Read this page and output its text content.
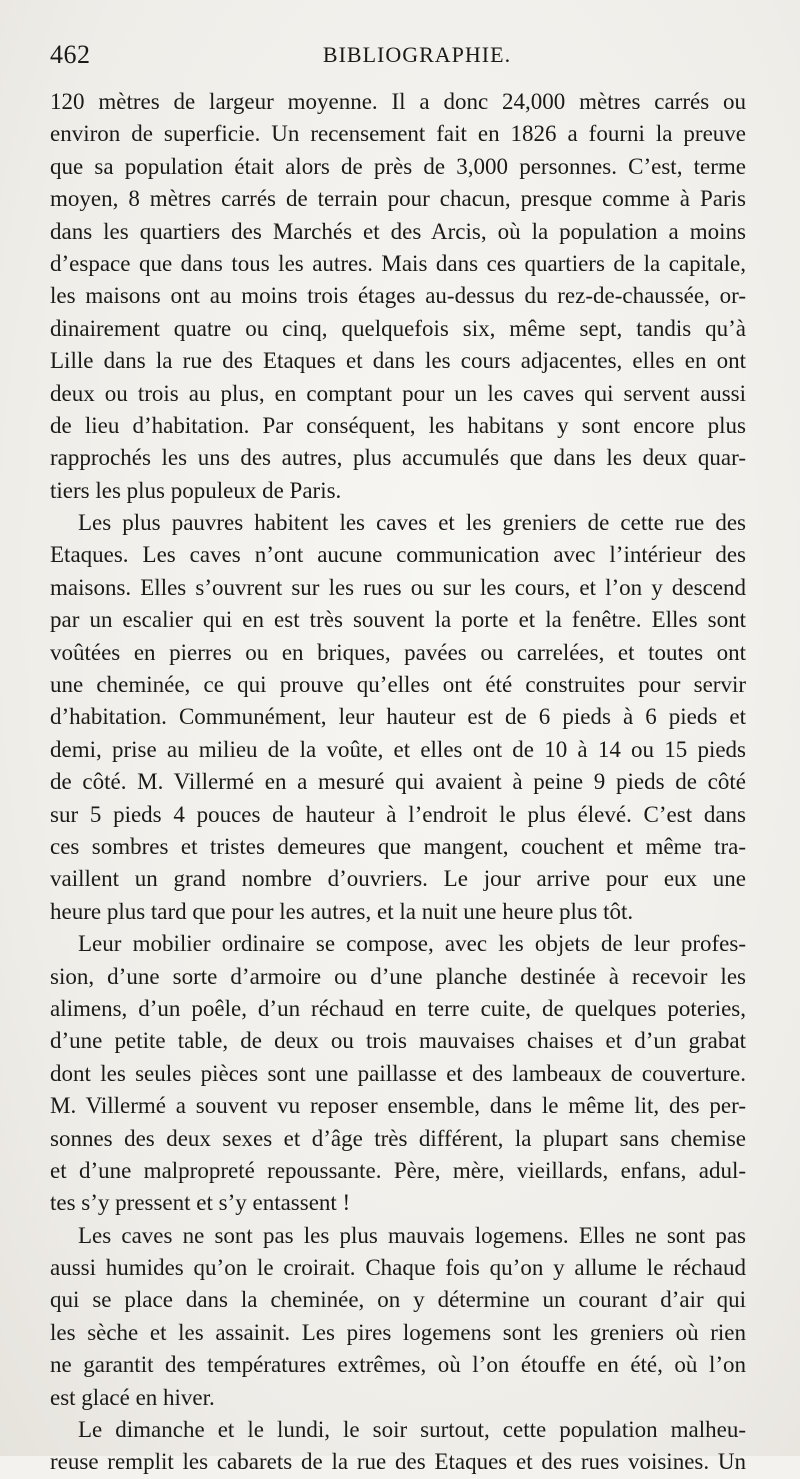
462	BIBLIOGRAPHIE.
120 mètres de largeur moyenne. Il a donc 24,000 mètres carrés ou
environ de superficie. Un recensement fait en 1826 a fourni la preuve
que sa population était alors de près de 3,000 personnes. C’est, terme
moyen, 8 mètres carrés de terrain pour chacun, presque comme à Paris
dans les quartiers des Marchés et des Arcis, où la population a moins
d’espace que dans tous les autres. Mais dans ces quartiers de la capitale,
les maisons ont au moins trois étages au-dessus du rez-de-chaussée, or-
dinairement quatre ou cinq, quelquefois six, même sept, tandis qu’à
Lille dans la rue des Etaques et dans les cours adjacentes, elles en ont
deux ou trois au plus, en comptant pour un les caves qui servent aussi
de lieu d’habitation. Par conséquent, les habitans y sont encore plus
rapprochés les uns des autres, plus accumulés que dans les deux quar-
tiers les plus populeux de Paris.
Les plus pauvres habitent les caves et les greniers de cette rue des
Etaques. Les caves n’ont aucune communication avec l’intérieur des
maisons. Elles s’ouvrent sur les rues ou sur les cours, et l’on y descend
par un escalier qui en est très souvent la porte et la fenêtre. Elles sont
voûtées en pierres ou en briques, pavées ou carrelées, et toutes ont
une cheminée, ce qui prouve qu’elles ont été construites pour servir
d’habitation. Communément, leur hauteur est de 6 pieds à 6 pieds et
demi, prise au milieu de la voûte, et elles ont de 10 à 14 ou 15 pieds
de côté. M. Villermé en a mesuré qui avaient à peine 9 pieds de côté
sur 5 pieds 4 pouces de hauteur à l’endroit le plus élevé. C’est dans
ces sombres et tristes demeures que mangent, couchent et même tra-
vaillent un grand nombre d’ouvriers. Le jour arrive pour eux une
heure plus tard que pour les autres, et la nuit une heure plus tôt.
Leur mobilier ordinaire se compose, avec les objets de leur profes-
sion, d’une sorte d’armoire ou d’une planche destinée à recevoir les
alimens, d’un poêle, d’un réchaud en terre cuite, de quelques poteries,
d’une petite table, de deux ou trois mauvaises chaises et d’un grabat
dont les seules pièces sont une paillasse et des lambeaux de couverture.
M. Villermé a souvent vu reposer ensemble, dans le même lit, des per-
sonnes des deux sexes et d’âge très différent, la plupart sans chemise
et d’une malpropreté repoussante. Père, mère, vieillards, enfans, adul-
tes s’y pressent et s’y entassent !
Les caves ne sont pas les plus mauvais logemens. Elles ne sont pas
aussi humides qu’on le croirait. Chaque fois qu’on y allume le réchaud
qui se place dans la cheminée, on y détermine un courant d’air qui
les sèche et les assainit. Les pires logemens sont les greniers où rien
ne garantit des températures extrêmes, où l’on étouffe en été, où l’on
est glacé en hiver.
Le dimanche et le lundi, le soir surtout, cette population malheu-
reuse remplit les cabarets de la rue des Etaques et des rues voisines. Un
